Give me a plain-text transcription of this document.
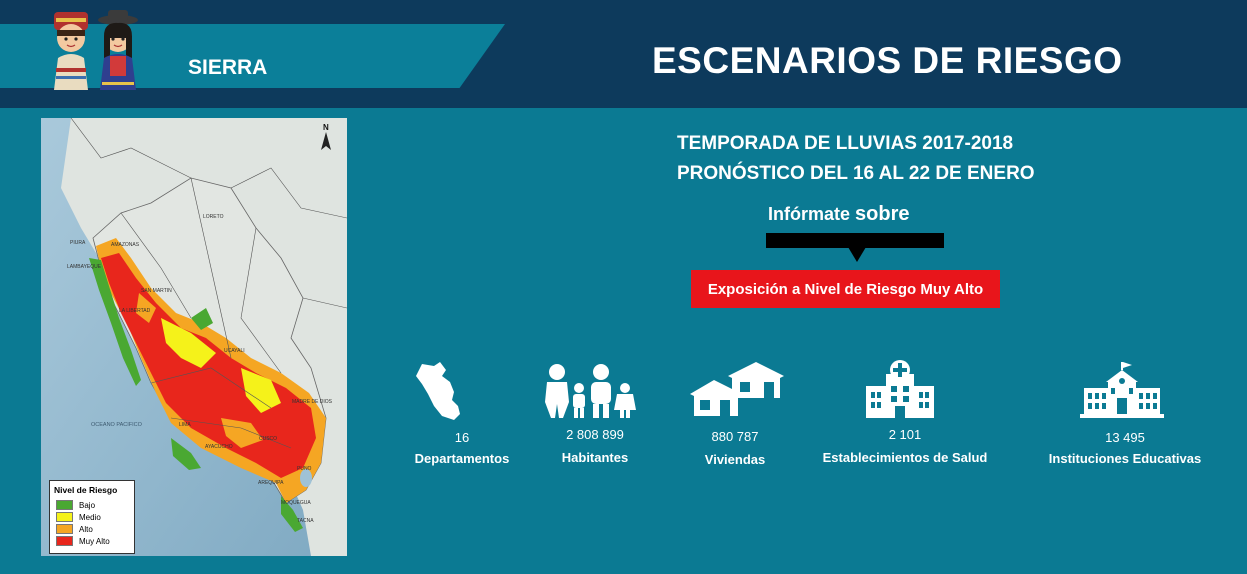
SIERRA	ESCENARIOS DE RIESGO
N
LORETO
PIURA	AMAZONAS
LAMBAYEQUE
SAN MARTIN
LA LIBERTAD
UCAYALI
MADRE DE DIOS
OCEANO PACIFICO	LIMA
CUSCO
AYACUCHO
PUNO
AREQUIPA
MOQUEGUA
TACNA
Nivel de Riesgo
Bajo
Medio
Alto
Muy Alto
TEMPORADA DE LLUVIAS 2017-2018
PRONÓSTICO DEL 16 AL 22 DE ENERO
Infórmate sobre
Exposición a Nivel de Riesgo Muy Alto
16
Departamentos
2 808 899
Habitantes
880 787
Viviendas
2 101
Establecimientos de Salud
13 495
Instituciones Educativas
